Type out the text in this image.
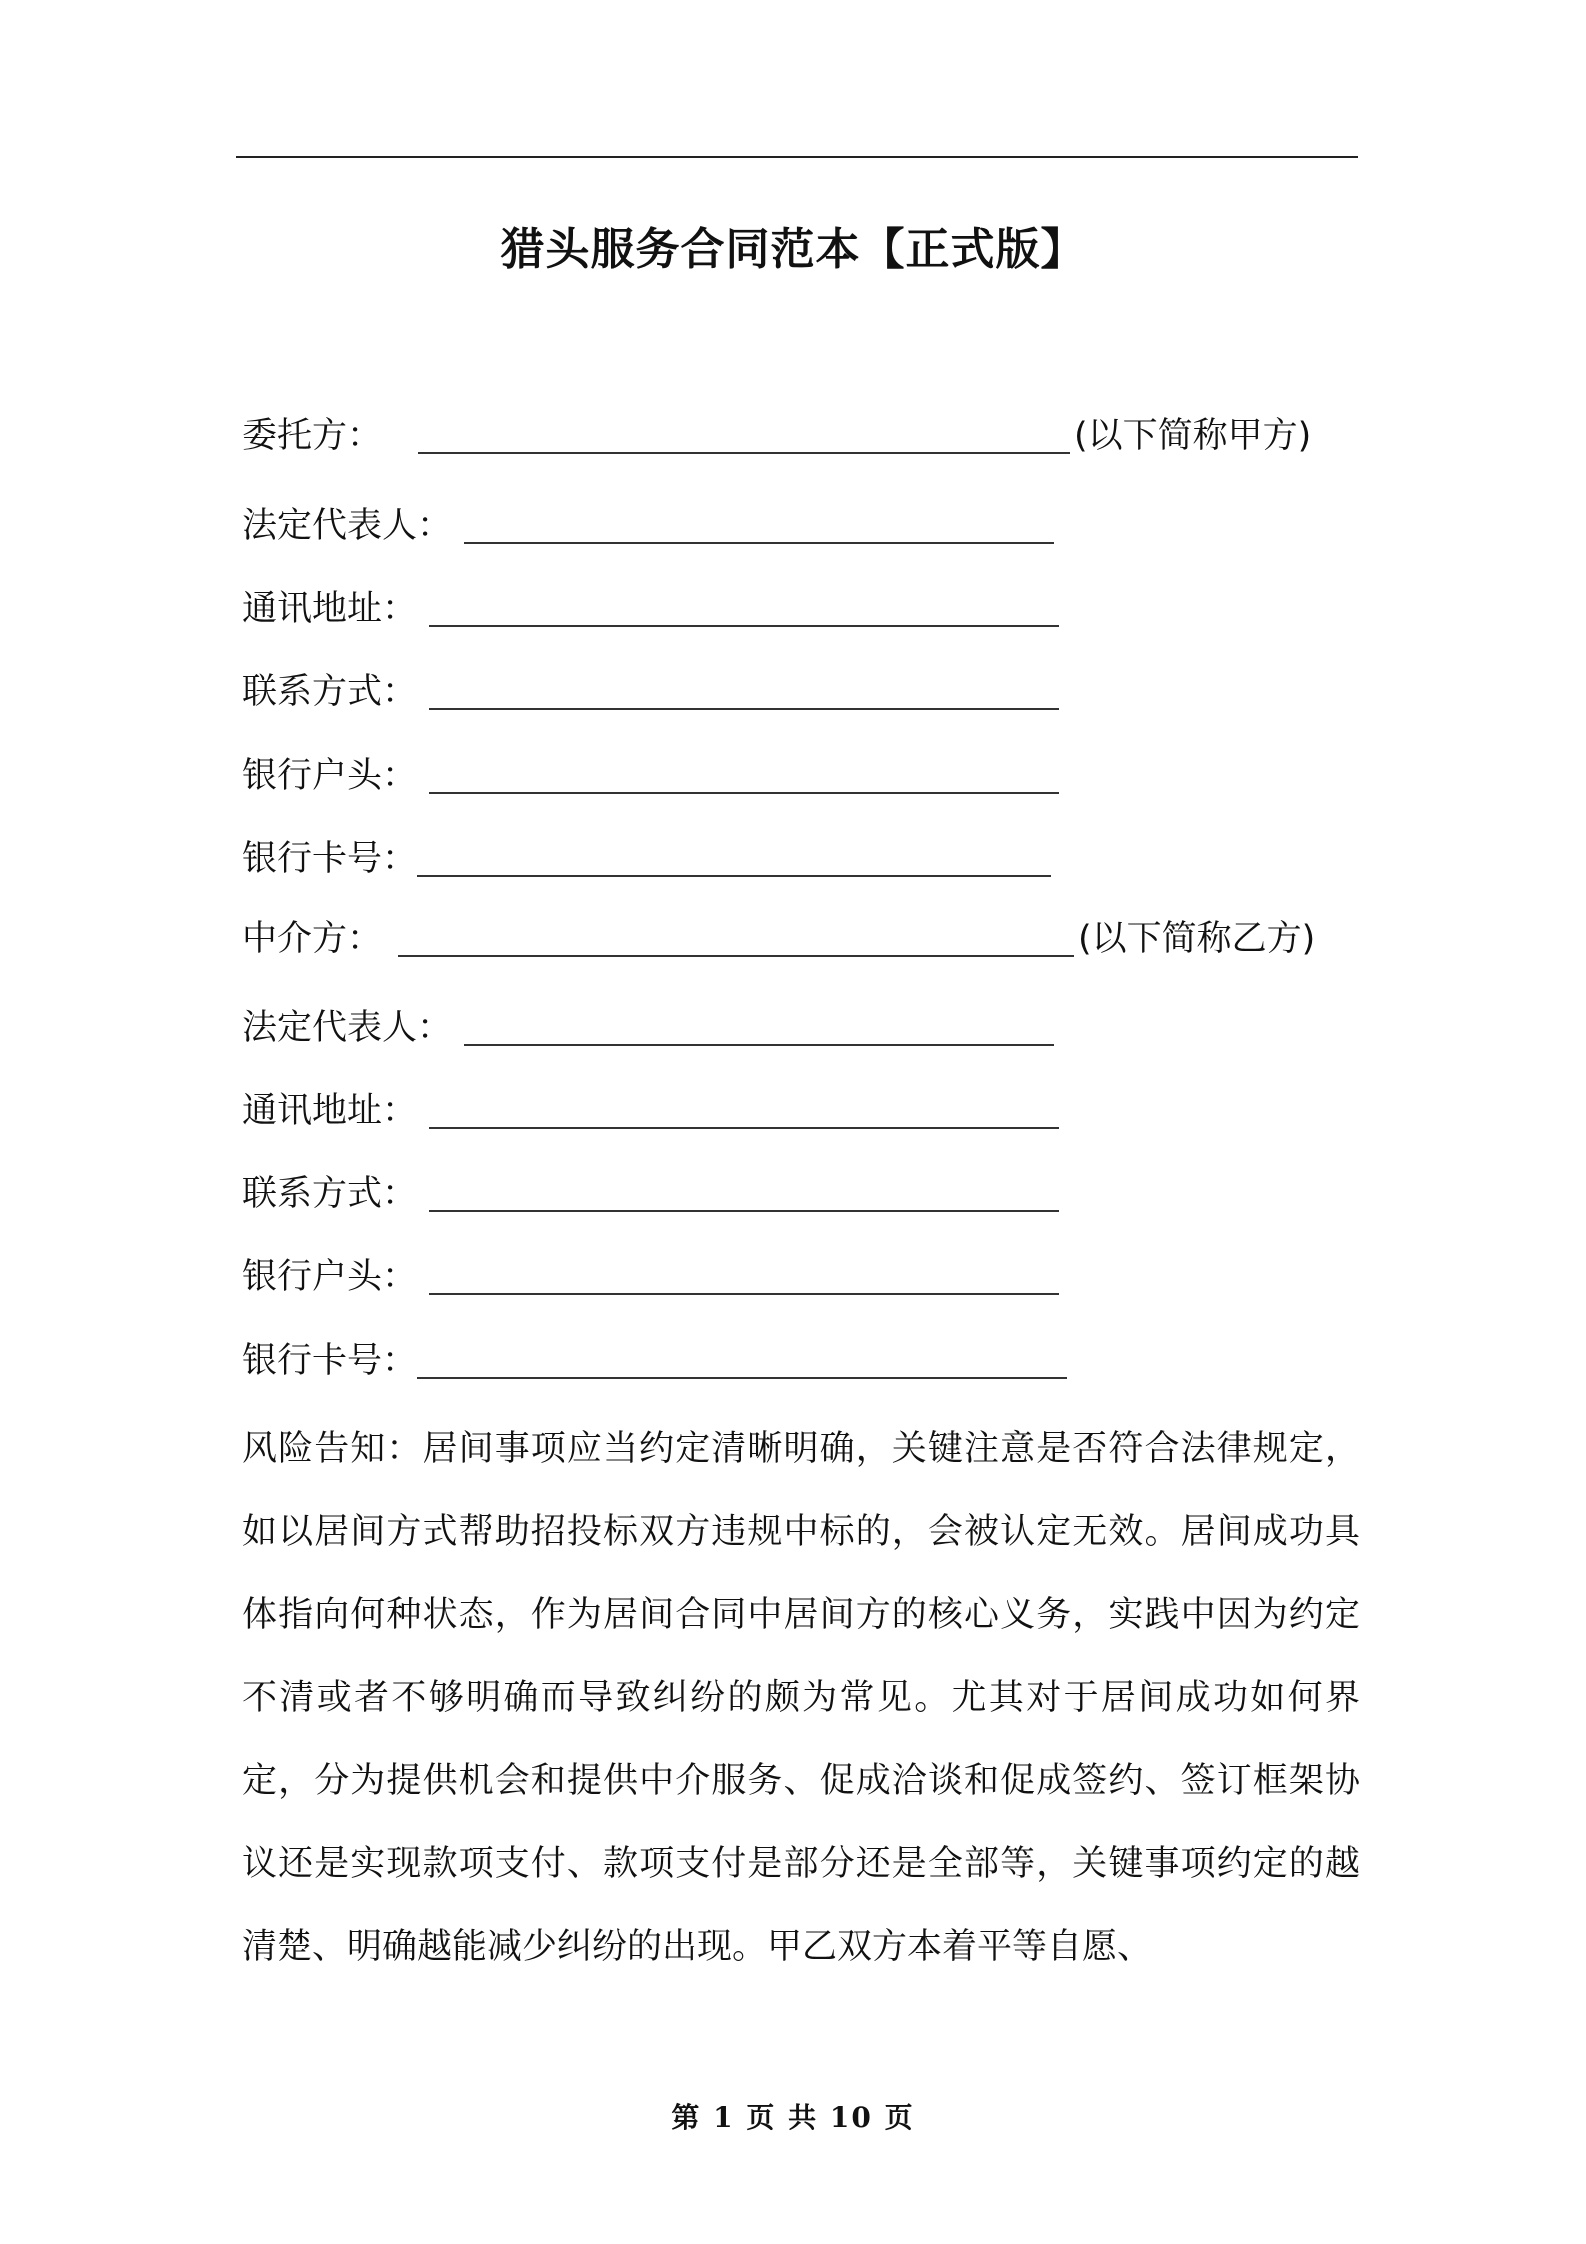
猎头服务合同范本【正式版】
委托方：	(以下简称甲方)
法定代表人：
通讯地址：
联系方式：
银行户头：
银行卡号：
中介方：	(以下简称乙方)
法定代表人：
通讯地址：
联系方式：
银行户头：
银行卡号：
风险告知：居间事项应当约定清晰明确，关键注意是否符合法律规定，如以居间方式帮助招投标双方违规中标的，会被认定无效。居间成功具体指向何种状态，作为居间合同中居间方的核心义务，实践中因为约定不清或者不够明确而导致纠纷的颇为常见。尤其对于居间成功如何界定，分为提供机会和提供中介服务、促成洽谈和促成签约、签订框架协议还是实现款项支付、款项支付是部分还是全部等，关键事项约定的越清楚、明确越能减少纠纷的出现。甲乙双方本着平等自愿、
第 1 页 共 10 页
